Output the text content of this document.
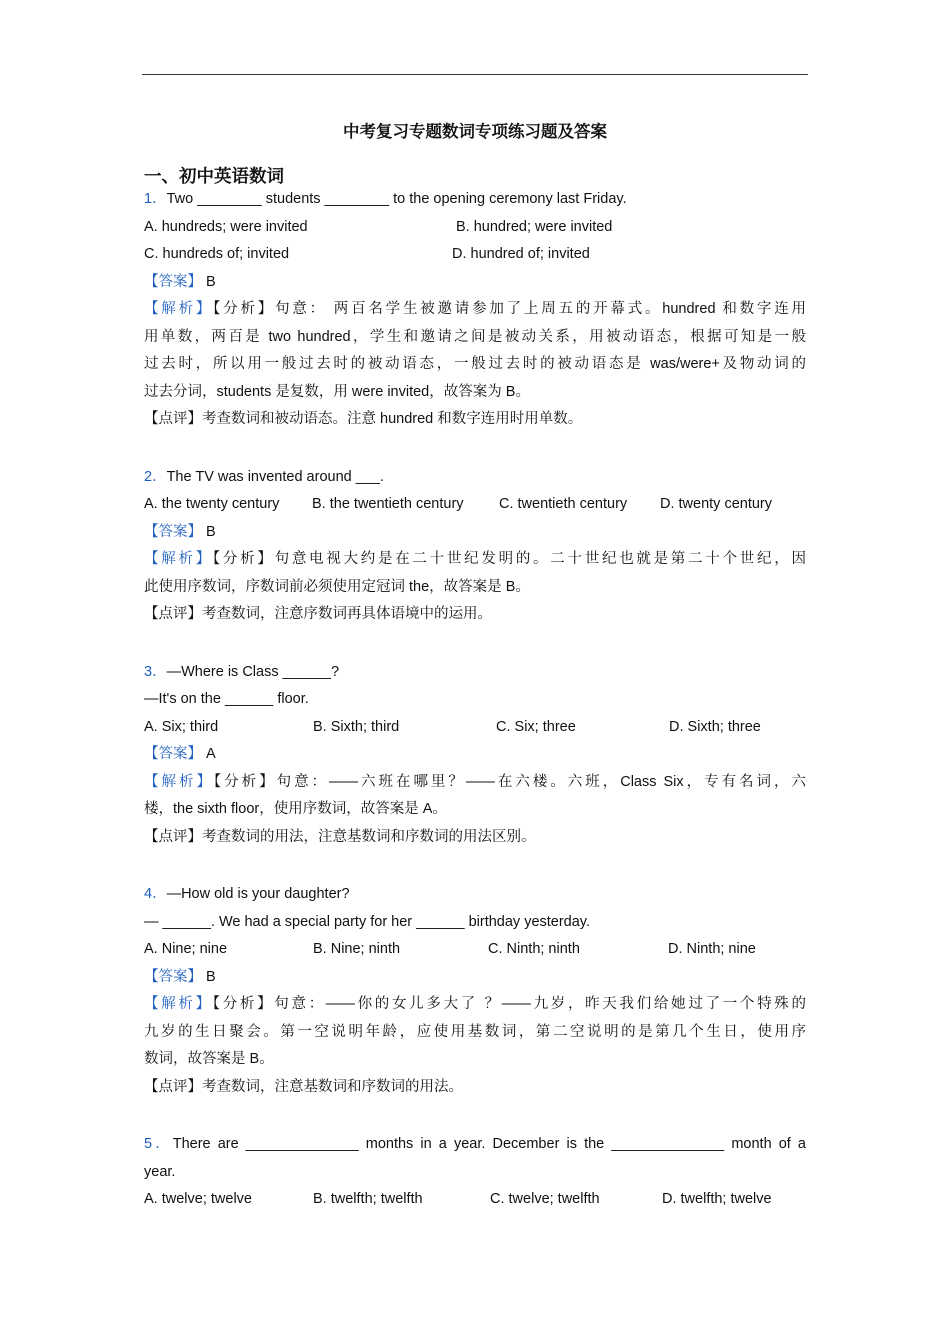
中考复习专题数词专项练习题及答案
一、初中英语数词
1．Two ________ students ________ to the opening ceremony last Friday.
A. hundreds; were invited	B. hundred; were invited
C. hundreds of; invited	D. hundred of; invited
【答案】 B
【解析】【分析】句意： 两百名学生被邀请参加了上周五的开幕式。hundred 和数字连用
用单数，两百是 two hundred，学生和邀请之间是被动关系，用被动语态，根据可知是一般
过去时，所以用一般过去时的被动语态，一般过去时的被动语态是 was/were+及物动词的
过去分词，students 是复数，用 were invited，故答案为 B。
【点评】考查数词和被动语态。注意 hundred 和数字连用时用单数。
2．The TV was invented around ___.
A. the twenty century B. the twentieth century C. twentieth century D. twenty century
【答案】 B
【解析】【分析】句意电视大约是在二十世纪发明的。二十世纪也就是第二十个世纪，因
此使用序数词，序数词前必须使用定冠词 the，故答案是 B。
【点评】考查数词，注意序数词再具体语境中的运用。
3．—Where is Class ______?
—It's on the ______ floor.
A. Six; third	B. Sixth; third	C. Six; three	D. Sixth; three
【答案】 A
【解析】【分析】句意：——六班在哪里？——在六楼。六班，Class Six，专有名词，六
楼，the sixth floor，使用序数词，故答案是 A。
【点评】考查数词的用法，注意基数词和序数词的用法区别。
4．—How old is your daughter?
— ______. We had a special party for her ______ birthday yesterday.
A. Nine; nine	B. Nine; ninth	C. Ninth; ninth	D. Ninth; nine
【答案】 B
【解析】【分析】句意：——你的女儿多大了 ？——九岁，昨天我们给她过了一个特殊的
九岁的生日聚会。第一空说明年龄，应使用基数词，第二空说明的是第几个生日，使用序
数词，故答案是 B。
【点评】考查数词，注意基数词和序数词的用法。
5．There are ______________ months in a year. December is the ______________ month of a
year.
A. twelve; twelve	B. twelfth; twelfth	C. twelve; twelfth	D. twelfth; twelve
